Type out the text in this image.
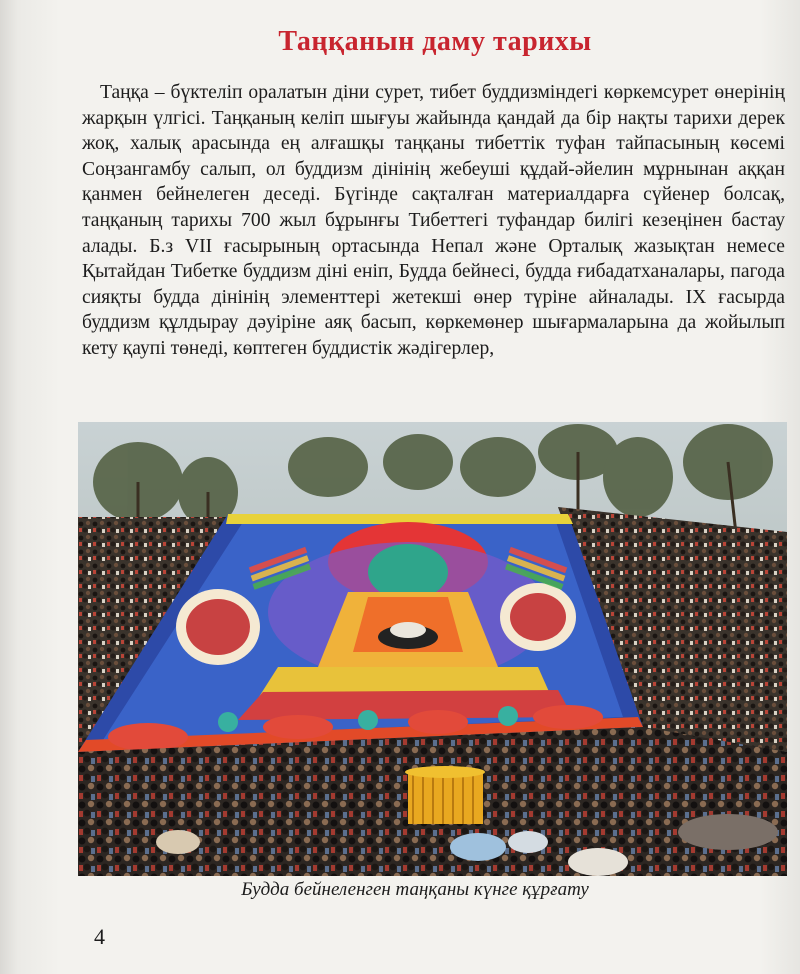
Таңқанын даму тарихы

Таңқа – бүктеліп оралатын діни сурет, тибет буддизміндегі көркемсурет өнерінің жарқын үлгісі. Таңқаның келіп шығуы жайында қандай да бір нақты тарихи дерек жоқ, халық арасында ең алғашқы таңқаны тибеттік туфан тайпасының көсемі Соңзангамбу салып, ол буддизм дінінің жебеуші құдай-әйелин мұрнынан аққан қанмен бейнелеген деседі. Бүгінде сақталған материалдарға сүйенер болсақ, таңқаның тарихы 700 жыл бұрынғы Тибеттегі туфандар билігі кезеңінен бастау алады. Б.з VII ғасырының ортасында Непал және Орталық жазықтан немесе Қытайдан Тибетке буддизм діні еніп, Будда бейнесі, будда ғибадатханалары, пагода сияқты будда дінінің элементтері жетекші өнер түріне айналады. IX ғасырда буддизм құлдырау дәуіріне аяқ басып, көркемөнер шығармаларына да жойылып кету қаупі төнеді, көптеген буддистік жәдігерлер,

Будда бейнеленген таңқаны күнге құрғату
4
